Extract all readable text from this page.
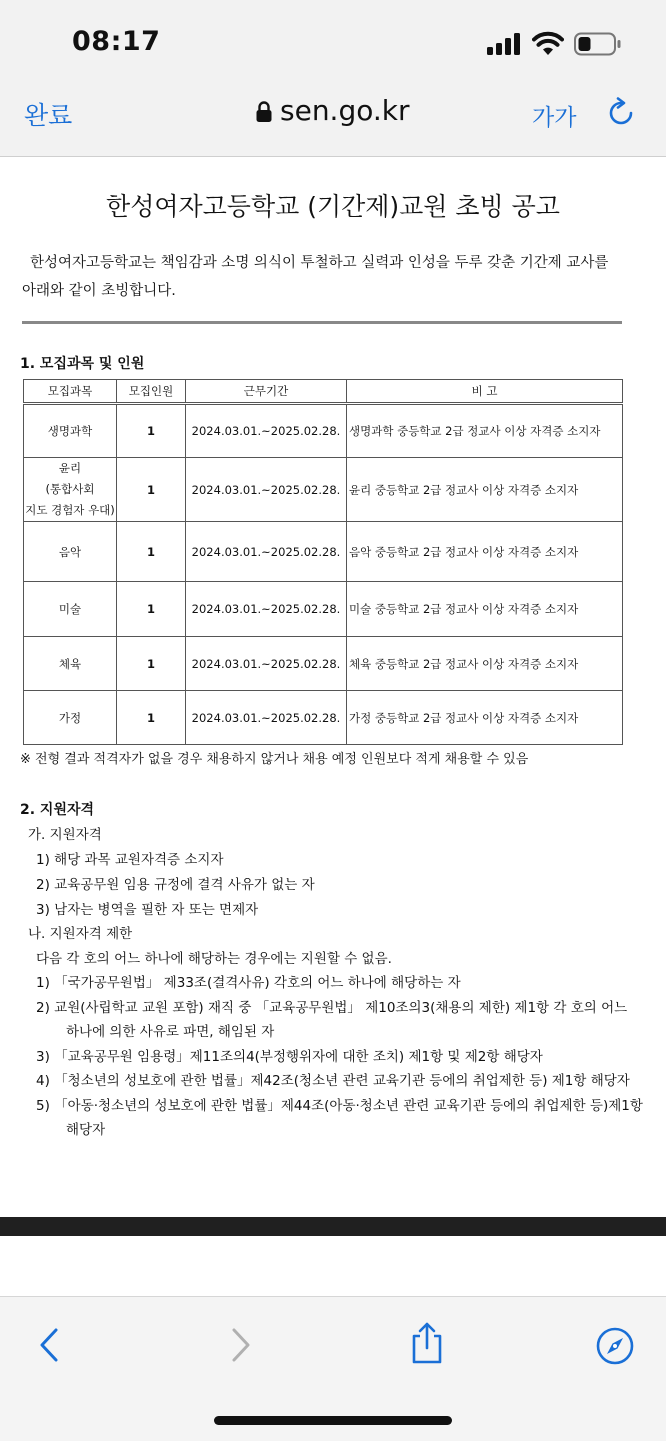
08:17
완료	sen.go.kr	가가
한성여자고등학교 (기간제)교원 초빙 공고
한성여자고등학교는 책임감과 소명 의식이 투철하고 실력과 인성을 두루 갖춘 기간제 교사를 아래와 같이 초빙합니다.
1. 모집과목 및 인원
모집과목	모집인원	근무기간	비 고
생명과학	1	2024.03.01.~2025.02.28.	생명과학 중등학교 2급 정교사 이상 자격증 소지자

윤리
(통합사회
지도 경험자 우대)	1	2024.03.01.~2025.02.28.	윤리 중등학교 2급 정교사 이상 자격증 소지자
음악	1	2024.03.01.~2025.02.28.	음악 중등학교 2급 정교사 이상 자격증 소지자
미술	1	2024.03.01.~2025.02.28.	미술 중등학교 2급 정교사 이상 자격증 소지자
체육	1	2024.03.01.~2025.02.28.	체육 중등학교 2급 정교사 이상 자격증 소지자
가정	1	2024.03.01.~2025.02.28.	가정 중등학교 2급 정교사 이상 자격증 소지자
※ 전형 결과 적격자가 없을 경우 채용하지 않거나 채용 예정 인원보다 적게 채용할 수 있음
2. 지원자격
가. 지원자격
1) 해당 과목 교원자격증 소지자
2) 교육공무원 임용 규정에 결격 사유가 없는 자
3) 남자는 병역을 필한 자 또는 면제자
나. 지원자격 제한
다음 각 호의 어느 하나에 해당하는 경우에는 지원할 수 없음.
1) 「국가공무원법」 제33조(결격사유) 각호의 어느 하나에 해당하는 자
2) 교원(사립학교 교원 포함) 재직 중 「교육공무원법」 제10조의3(채용의 제한) 제1항 각 호의 어느
하나에 의한 사유로 파면, 해임된 자
3) 「교육공무원 임용령」제11조의4(부정행위자에 대한 조치) 제1항 및 제2항 해당자
4) 「청소년의 성보호에 관한 법률」제42조(청소년 관련 교육기관 등에의 취업제한 등) 제1항 해당자
5) 「아동·청소년의 성보호에 관한 법률」제44조(아동·청소년 관련 교육기관 등에의 취업제한 등)제1항
해당자
